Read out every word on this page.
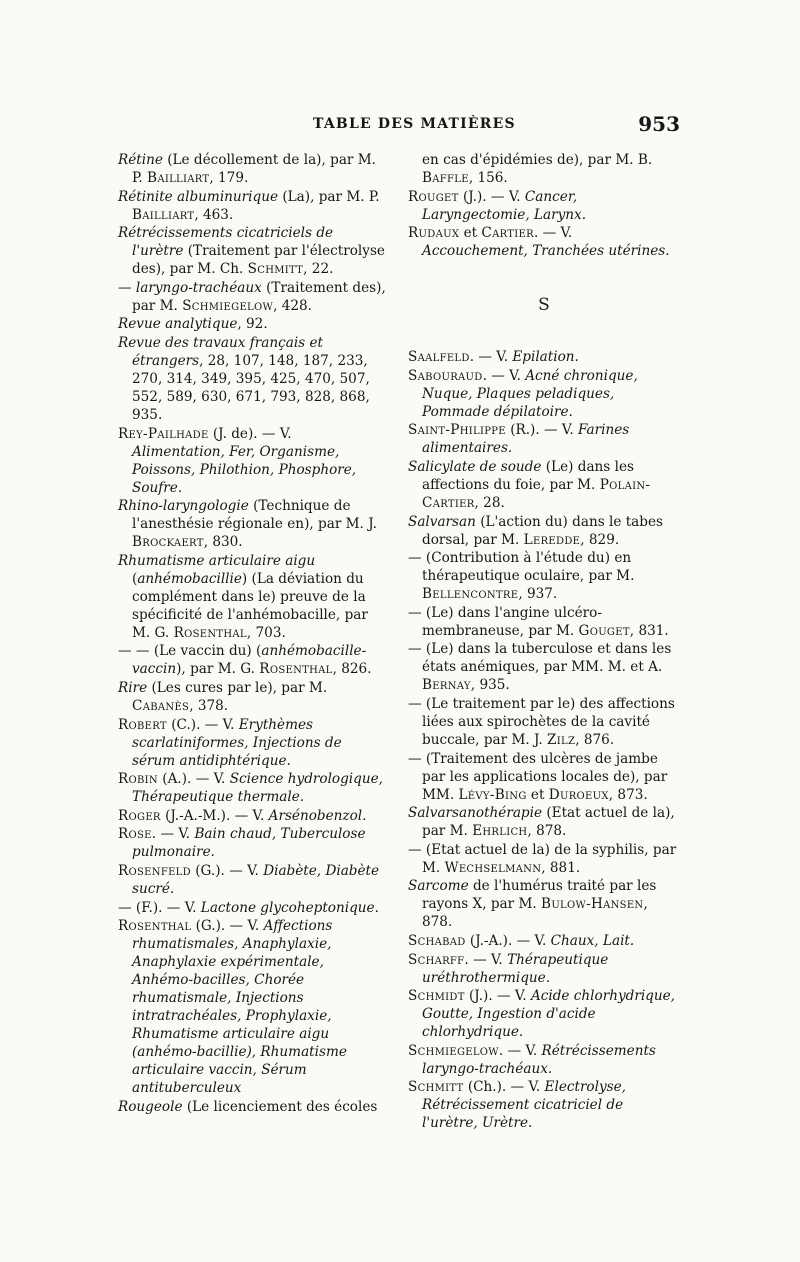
TABLE DES MATIÈRES	953

Rétine (Le décollement de la), par M. P. Bailliart, 179.

Rétinite albuminurique (La), par M. P. Bailliart, 463.

Rétrécissements cicatriciels de l'urètre (Traitement par l'électrolyse des), par M. Ch. Schmitt, 22.

— laryngo-trachéaux (Traitement des), par M. Schmiegelow, 428.

Revue analytique, 92.

Revue des travaux français et étrangers, 28, 107, 148, 187, 233, 270, 314, 349, 395, 425, 470, 507, 552, 589, 630, 671, 793, 828, 868, 935.

Rey-Pailhade (J. de). — V. Alimentation, Fer, Organisme, Poissons, Philothion, Phosphore, Soufre.

Rhino-laryngologie (Technique de l'anesthésie régionale en), par M. J. Brockaert, 830.

Rhumatisme articulaire aigu (anhémobacillie) (La déviation du complément dans le) preuve de la spécificité de l'anhémobacille, par M. G. Rosenthal, 703.

— — (Le vaccin du) (anhémobacille-vaccin), par M. G. Rosenthal, 826.

Rire (Les cures par le), par M. Cabanès, 378.

Robert (C.). — V. Erythèmes scarlatiniformes, Injections de sérum antidiphtérique.

Robin (A.). — V. Science hydrologique, Thérapeutique thermale.

Roger (J.-A.-M.). — V. Arsénobenzol.

Rose. — V. Bain chaud, Tuberculose pulmonaire.

Rosenfeld (G.). — V. Diabète, Diabète sucré.

— (F.). — V. Lactone glycoheptonique.

Rosenthal (G.). — V. Affections rhumatismales, Anaphylaxie, Anaphylaxie expérimentale, Anhémo-bacilles, Chorée rhumatismale, Injections intratrachéales, Prophylaxie, Rhumatisme articulaire aigu (anhémo-bacillie), Rhumatisme articulaire vaccin, Sérum antituberculeux

Rougeole (Le licenciement des écoles

en cas d'épidémies de), par M. B. Baffle, 156.

Rouget (J.). — V. Cancer, Laryngectomie, Larynx.

Rudaux et Cartier. — V. Accouchement, Tranchées utérines.

S

Saalfeld. — V. Epilation.

Sabouraud. — V. Acné chronique, Nuque, Plaques peladiques, Pommade dépilatoire.

Saint-Philippe (R.). — V. Farines alimentaires.

Salicylate de soude (Le) dans les affections du foie, par M. Polain-Cartier, 28.

Salvarsan (L'action du) dans le tabes dorsal, par M. Leredde, 829.

— (Contribution à l'étude du) en thérapeutique oculaire, par M. Bellencontre, 937.

— (Le) dans l'angine ulcéro-membraneuse, par M. Gouget, 831.

— (Le) dans la tuberculose et dans les états anémiques, par MM. M. et A. Bernay, 935.

— (Le traitement par le) des affections liées aux spirochètes de la cavité buccale, par M. J. Zilz, 876.

— (Traitement des ulcères de jambe par les applications locales de), par MM. Lévy-Bing et Duroeux, 873.

Salvarsanothérapie (Etat actuel de la), par M. Ehrlich, 878.

— (Etat actuel de la) de la syphilis, par M. Wechselmann, 881.

Sarcome de l'humérus traité par les rayons X, par M. Bulow-Hansen, 878.

Schabad (J.-A.). — V. Chaux, Lait.

Scharff. — V. Thérapeutique uréthrothermique.

Schmidt (J.). — V. Acide chlorhydrique, Goutte, Ingestion d'acide chlorhydrique.

Schmiegelow. — V. Rétrécissements laryngo-trachéaux.

Schmitt (Ch.). — V. Electrolyse, Rétrécissement cicatriciel de l'urètre, Urètre.
